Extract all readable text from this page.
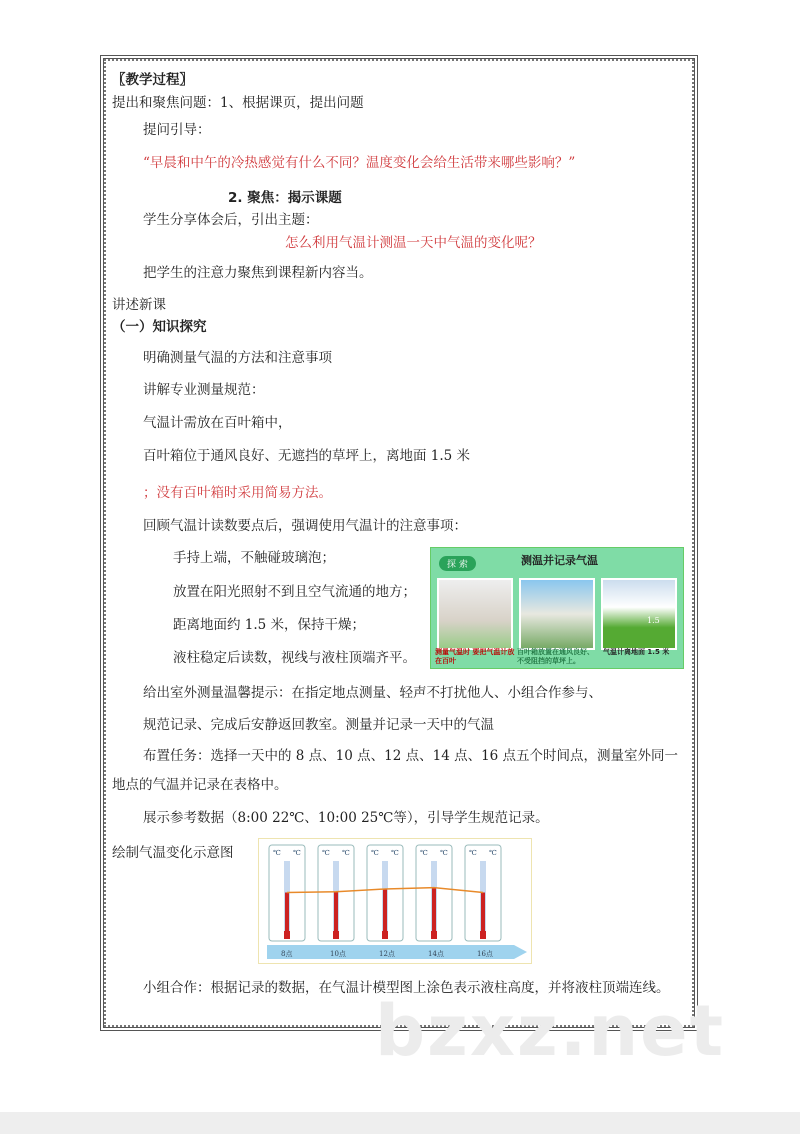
〖教学过程〗
提出和聚焦问题：1、根据课页，提出问题
提问引导：
“早晨和中午的冷热感觉有什么不同？温度变化会给生活带来哪些影响？”
2. 聚焦：揭示课题
学生分享体会后，引出主题：
怎么利用气温计测温一天中气温的变化呢？
把学生的注意力聚焦到课程新内容当。
讲述新课
（一）知识探究
明确测量气温的方法和注意事项
讲解专业测量规范：
气温计需放在百叶箱中，
百叶箱位于通风良好、无遮挡的草坪上，离地面 1.5 米
；没有百叶箱时采用简易方法。
回顾气温计读数要点后，强调使用气温计的注意事项：
手持上端，不触碰玻璃泡；
放置在阳光照射不到且空气流通的地方；
距离地面约 1.5 米，保持干燥；
液柱稳定后读数，视线与液柱顶端齐平。
给出室外测量温馨提示：在指定地点测量、轻声不打扰他人、小组合作参与、
规范记录、完成后安静返回教室。测量并记录一天中的气温
布置任务：选择一天中的 8 点、10 点、12 点、14 点、16 点五个时间点，测量室外同一
地点的气温并记录在表格中。
展示参考数据（8:00 22℃、10:00 25℃等），引导学生规范记录。
绘制气温变化示意图
小组合作：根据记录的数据，在气温计模型图上涂色表示液柱高度，并将液柱顶端连线。
探 索	测温并记录气温
1.5
测量气温时 要把气温计放在百叶
百叶箱放置在通风良好、不受阻挡的草坪上。
气温计离地面 1.5 米
℃ ℃
8点
℃ ℃
10点
℃ ℃
12点
℃ ℃
14点
℃ ℃
16点
bzxz.net
